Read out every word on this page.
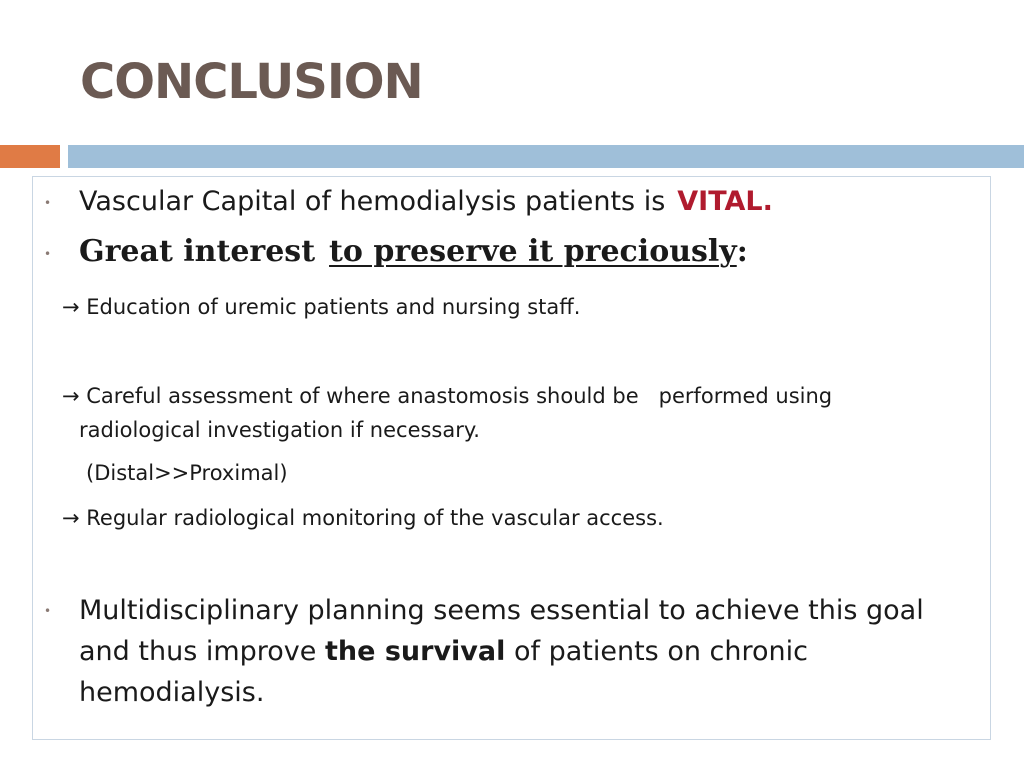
CONCLUSION
• Vascular Capital of hemodialysis patients is VITAL.
• Great interest to preserve it preciously:
→ Education of uremic patients and nursing staff.
→ Careful assessment of where anastomosis should be performed using
radiological investigation if necessary.
(Distal>>Proximal)
→ Regular radiological monitoring of the vascular access.
• Multidisciplinary planning seems essential to achieve this goal and thus improve the survival of patients on chronic hemodialysis.
